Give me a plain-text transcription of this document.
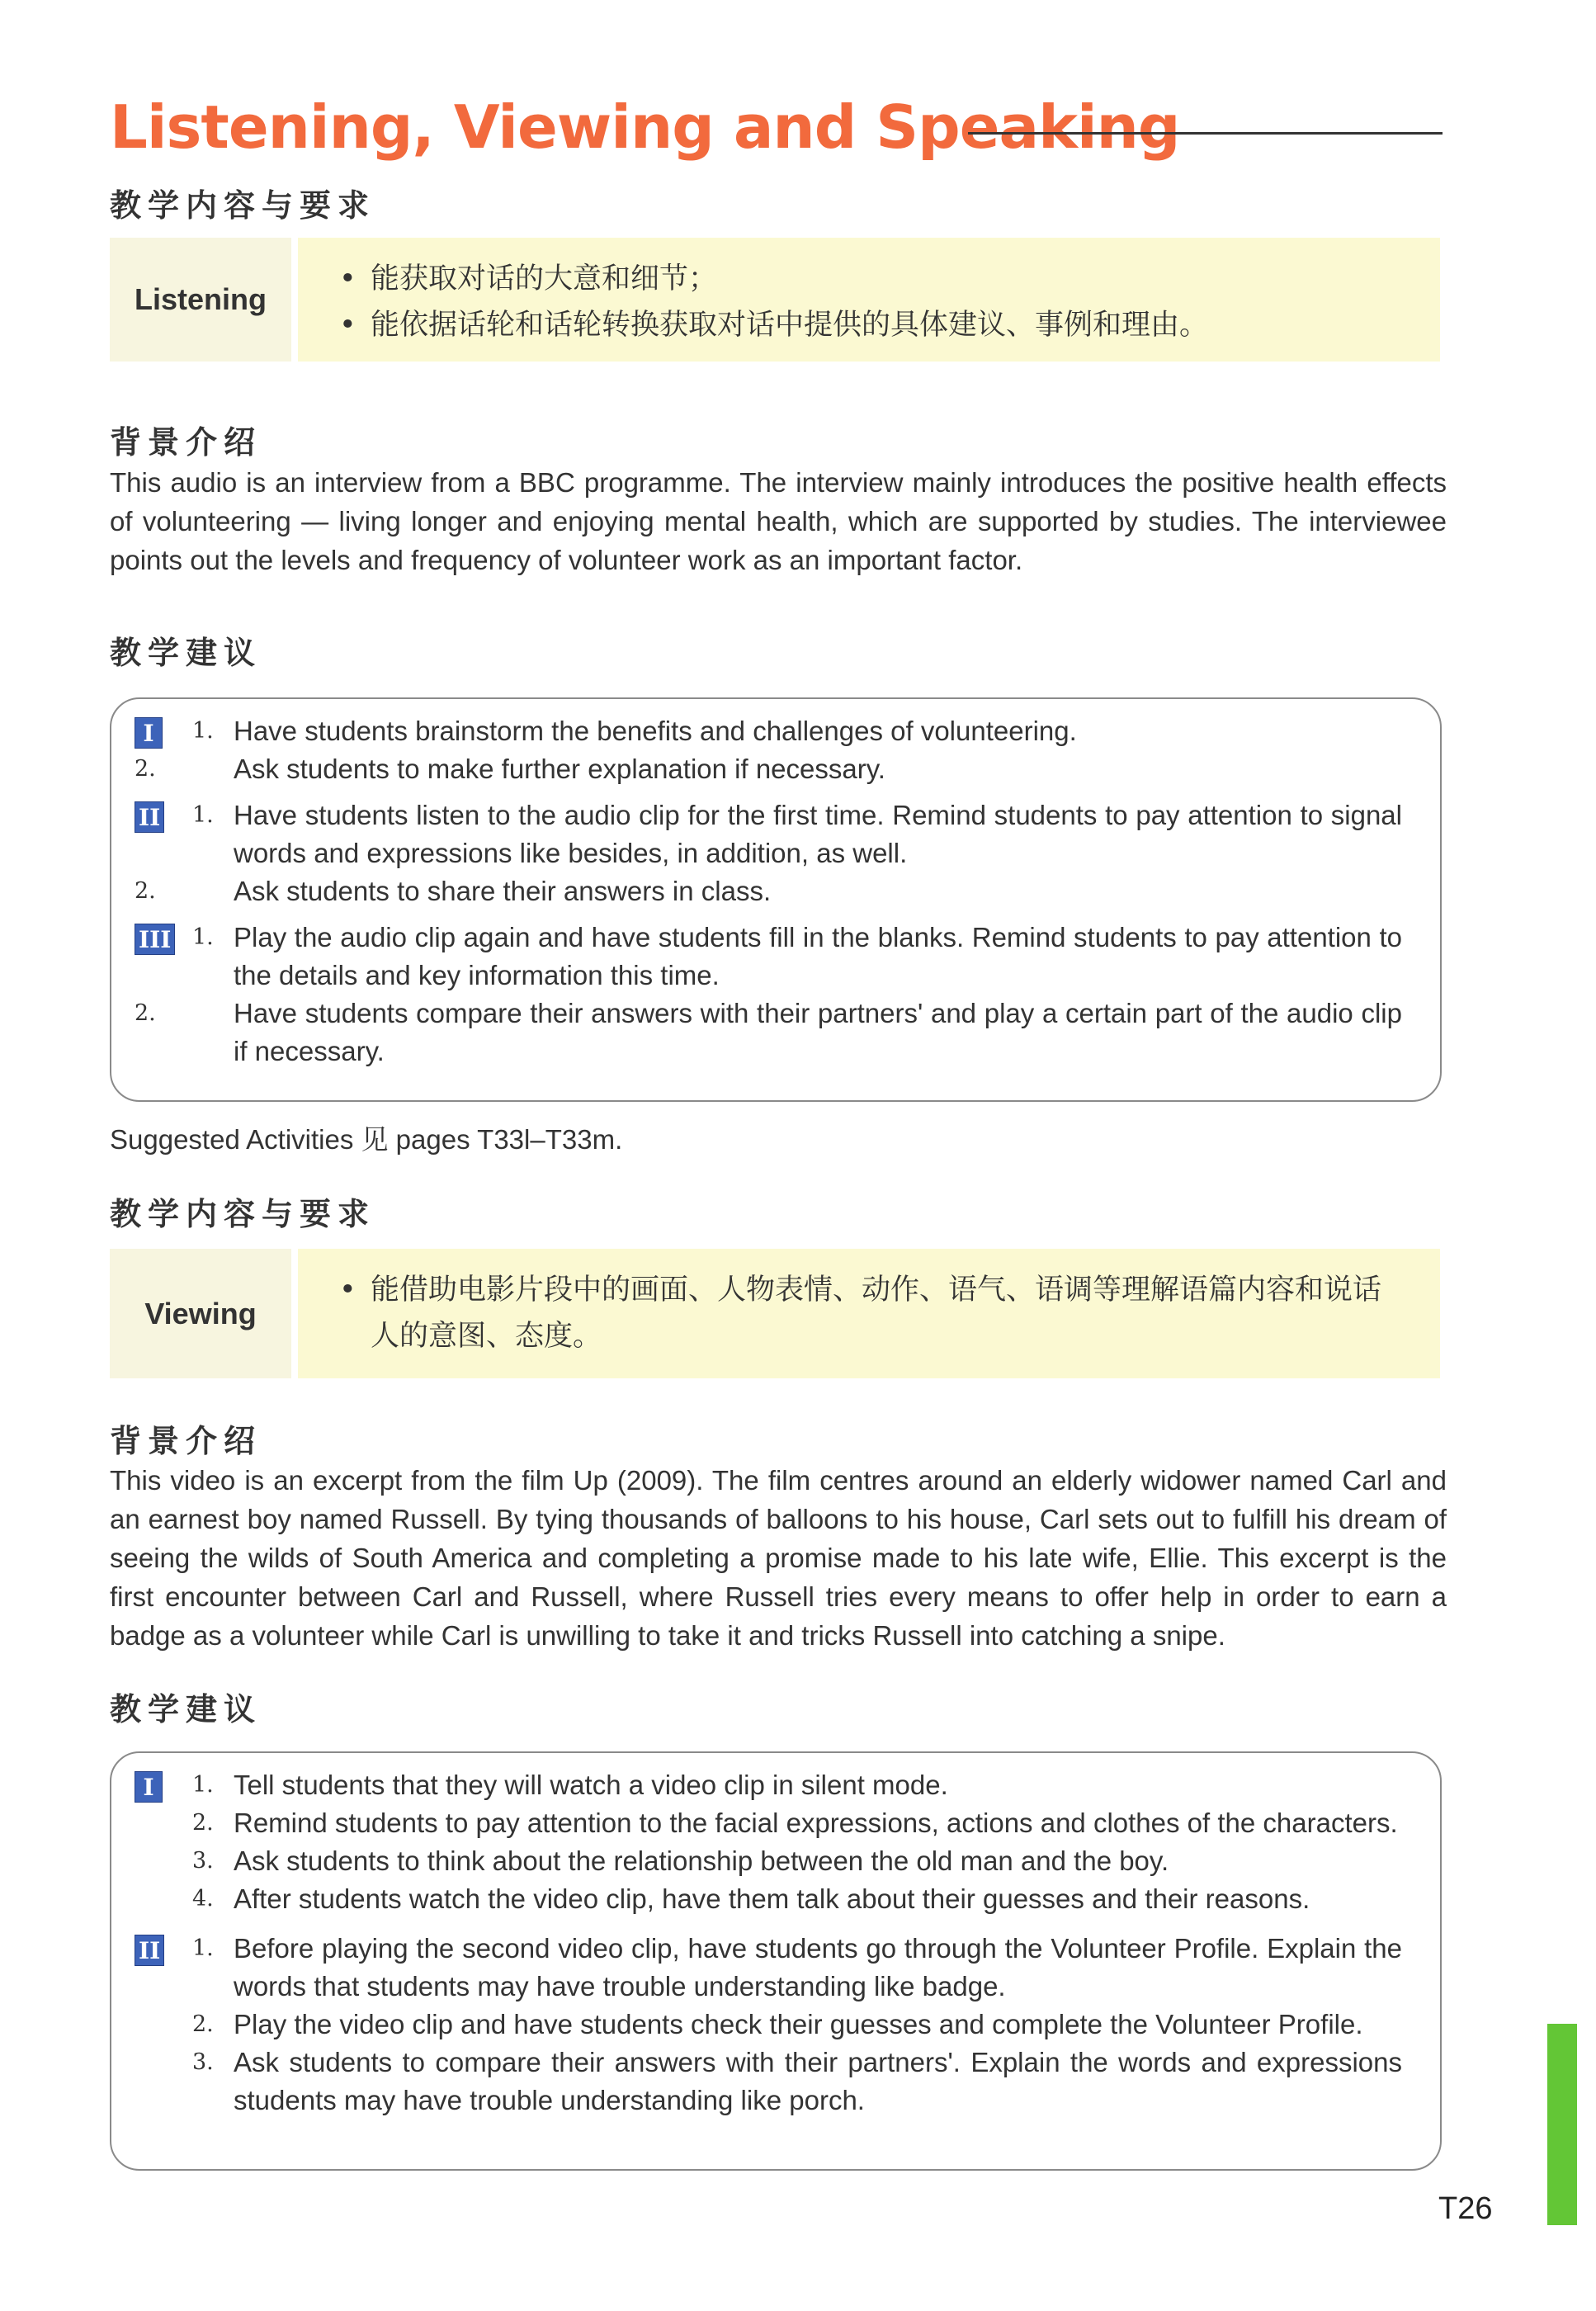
Listening, Viewing and Speaking
教学内容与要求
Listening
• 能获取对话的大意和细节；
• 能依据话轮和话轮转换获取对话中提供的具体建议、事例和理由。
背景介绍
This audio is an interview from a BBC programme. The interview mainly introduces the positive health effects of volunteering — living longer and enjoying mental health, which are supported by studies. The interviewee points out the levels and frequency of volunteer work as an important factor.
教学建议
I	1. Have students brainstorm the benefits and challenges of volunteering.
2.	Ask students to make further explanation if necessary.
II	1. Have students listen to the audio clip for the first time. Remind students to pay attention to signal words and expressions like besides, in addition, as well.
2.	Ask students to share their answers in class.
III 1. Play the audio clip again and have students fill in the blanks. Remind students to pay attention to the details and key information this time.
2.	Have students compare their answers with their partners' and play a certain part of the audio clip if necessary.
Suggested Activities 见 pages T33l–T33m.
教学内容与要求
Viewing
• 能借助电影片段中的画面、人物表情、动作、语气、语调等理解语篇内容和说话人的意图、态度。
背景介绍
This video is an excerpt from the film Up (2009). The film centres around an elderly widower named Carl and an earnest boy named Russell. By tying thousands of balloons to his house, Carl sets out to fulfill his dream of seeing the wilds of South America and completing a promise made to his late wife, Ellie. This excerpt is the first encounter between Carl and Russell, where Russell tries every means to offer help in order to earn a badge as a volunteer while Carl is unwilling to take it and tricks Russell into catching a snipe.
教学建议
I	1. Tell students that they will watch a video clip in silent mode.
2. Remind students to pay attention to the facial expressions, actions and clothes of the characters.
3. Ask students to think about the relationship between the old man and the boy.
4. After students watch the video clip, have them talk about their guesses and their reasons.
II	1. Before playing the second video clip, have students go through the Volunteer Profile. Explain the words that students may have trouble understanding like badge.
2. Play the video clip and have students check their guesses and complete the Volunteer Profile.
3. Ask students to compare their answers with their partners'. Explain the words and expressions students may have trouble understanding like porch.
T26
